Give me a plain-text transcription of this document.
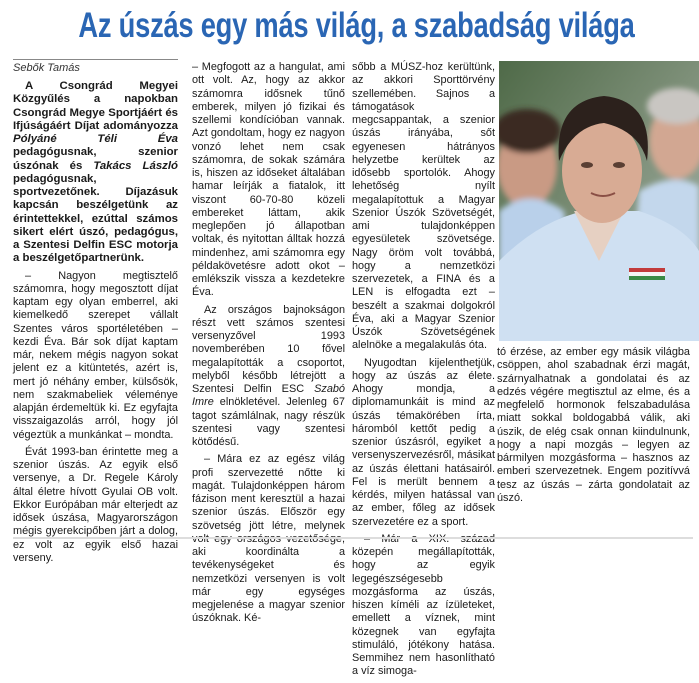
Az úszás egy más világ, a szabadság világa
Sebők Tamás

A Csongrád Megyei Közgyűlés a napokban Csongrád Megye Sportjáért és Ifjúságáért Díjat adományozza Pólyáné Téli Éva pedagógusnak, szenior úszónak és Takács László pedagógusnak, sportvezetőnek. Díjazásuk kapcsán beszélgetünk az érintettekkel, ezúttal számos sikert elért úszó, pedagógus, a Szentesi Delfin ESC motorja a beszélgetőpartnerünk.

– Nagyon megtisztelő számomra, hogy megosztott díjat kaptam egy olyan emberrel, aki kiemelkedő szerepet vállalt Szentes város sportéletében – kezdi Éva. Bár sok díjat kaptam már, nekem mégis nagyon sokat jelent ez a kitüntetés, azért is, mert jó néhány ember, külsősök, nem szakmabeliek véleménye alapján érdemeltük ki. Ez egyfajta visszaigazolás arról, hogy jól végeztük a munkánkat – mondta.

Évát 1993-ban érintette meg a szenior úszás. Az egyik első versenye, a Dr. Regele Károly által életre hívott Gyulai OB volt. Ekkor Európában már elterjedt az idősek úszása, Magyarországon mégis gyerekcipőben járt a dolog, ez volt az egyik első hazai verseny.

– Megfogott az a hangulat, ami ott volt. Az, hogy az akkor számomra idősnek tűnő emberek, milyen jó fizikai és szellemi kondícióban vannak. Azt gondoltam, hogy ez nagyon vonzó lehet nem csak számomra, de sokak számára is, hiszen az időseket általában hamar leírják a fiatalok, itt viszont 60-70-80 közeli embereket láttam, akik meglepően jó állapotban voltak, és nyitottan álltak hozzá mindenhez, ami számomra egy példakövetésre adott okot – emlékszik vissza a kezdetekre Éva.

Az országos bajnokságon részt vett számos szentesi versenyzővel 1993 novemberében 10 fővel megalapították a csoportot, melyből később létrejött a Szentesi Delfin ESC Szabó Imre elnökletével. Jelenleg 67 tagot számlálnak, nagy részük szentesi vagy szentesi kötődésű.

– Mára ez az egész világ profi szervezetté nőtte ki magát. Tulajdonképpen három fázison ment keresztül a hazai szenior úszás. Először egy szövetség jött létre, melynek aki koordinálta a tevékenységeket és nemzetközi versenyen is volt már egy egységes megjelenése a magyar szenior úszóknak. Ké-

sőbb a MÚSZ-hoz kerültünk, az akkori Sporttörvény szellemében. Sajnos a támogatások megcsappantak, a szenior úszás irányába, sőt egyenesen hátrányos helyzetbe kerültek az idősebb sportolók. Ahogy lehetőség nyílt megalapítottuk a Magyar Szenior Úszók Szövetségét, ami tulajdonképpen egyesületek szövetsége. Nagy öröm volt továbbá, hogy a nemzetközi szervezetek, a FINA és a LEN is elfogadta ezt – beszélt a szakmai dolgokról Éva, aki a Magyar Szenior Úszók Szövetségének alelnöke a megalakulás óta.

Nyugodtan kijelenthetjük, hogy az úszás az élete. Ahogy mondja, a diplomamunkáit is mind az úszás témakörében írta, háromból kettőt pedig a szenior úszásról, egyiket a versenyszervezésről, másikat az úszás élettani hatásairól. Fel is merült bennem a kérdés, milyen hatással van az ember, főleg az idősek szervezetére ez a sport.

közepén megállapították, hogy az egyik legegészségesebb mozgásforma az úszás, hiszen kíméli az ízületeket, emellett a víznek, mint közegnek van egyfajta stimuláló, jótékony hatása. Semmihez nem hasonlítható a víz simoga-

tó érzése, az ember egy másik világba csöppen, ahol szabadnak érzi magát, szárnyalhatnak a gondolatai és az edzés végére megtisztul az elme, és a megfelelő hormonok felszabadulása miatt sokkal boldogabbá válik, aki úszik, de elég csak onnan kiindulnunk, hogy a napi mozgás – legyen az bármilyen mozgásforma – hasznos az emberi szervezetnek. Engem pozitívvá tesz az úszás – zárta gondolatait az úszó.
